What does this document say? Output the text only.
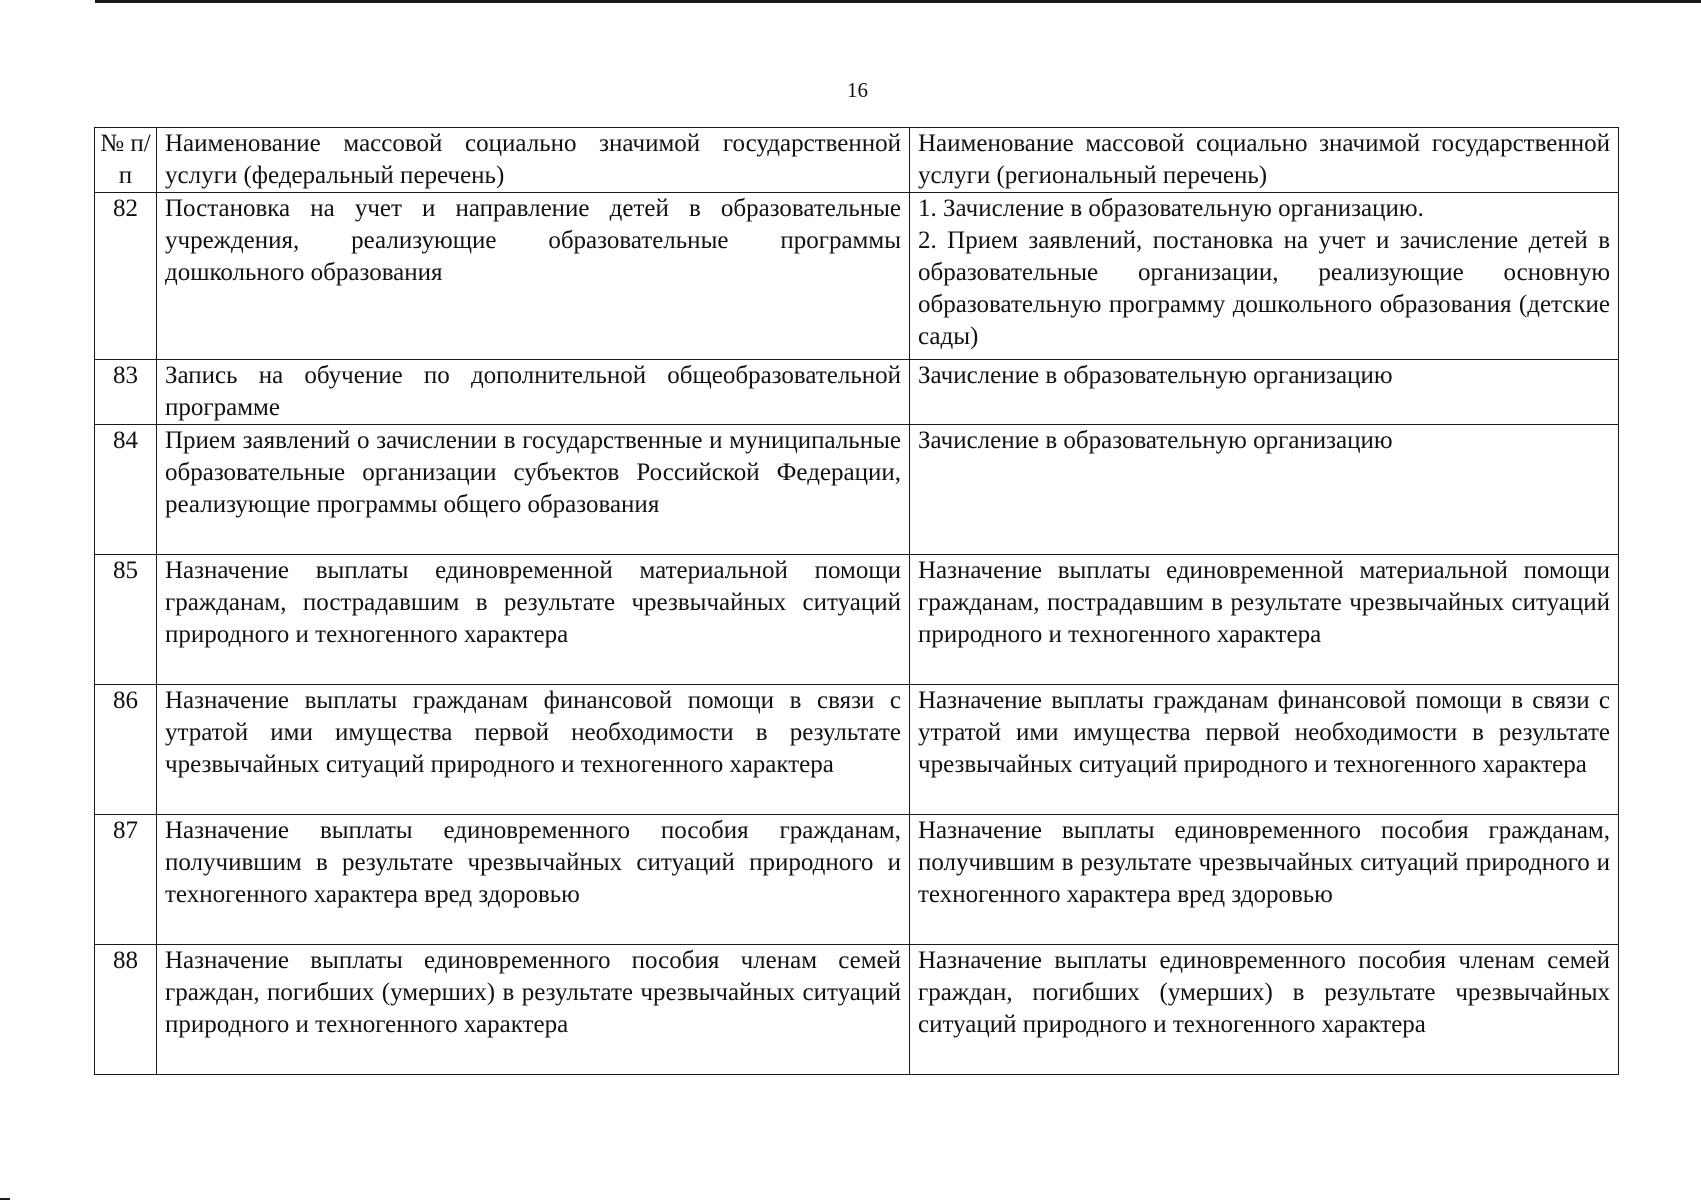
16
№ п/п	Наименование массовой социально значимой государственной услуги (федеральный перечень)	Наименование массовой социально значимой государственной услуги (региональный перечень)
82	Постановка на учет и направление детей в образовательные учреждения, реализующие образовательные программы дошкольного образования	1. Зачисление в образовательную организацию.
2. Прием заявлений, постановка на учет и зачисление детей в образовательные организации, реализующие основную образовательную программу дошкольного образования (детские сады)

83	Запись на обучение по дополнительной общеобразовательной программе	Зачисление в образовательную организацию
84	Прием заявлений о зачислении в государственные и муниципальные образовательные организации субъектов Российской Федерации, реализующие программы общего образования	Зачисление в образовательную организацию
85	Назначение выплаты единовременной материальной помощи гражданам, пострадавшим в результате чрезвычайных ситуаций природного и техногенного характера	Назначение выплаты единовременной материальной помощи гражданам, пострадавшим в результате чрезвычайных ситуаций природного и техногенного характера
86	Назначение выплаты гражданам финансовой помощи в связи с утратой ими имущества первой необходимости в результате чрезвычайных ситуаций природного и техногенного характера	Назначение выплаты гражданам финансовой помощи в связи с утратой ими имущества первой необходимости в результате чрезвычайных ситуаций природного и техногенного характера
87	Назначение выплаты единовременного пособия гражданам, получившим в результате чрезвычайных ситуаций природного и техногенного характера вред здоровью	Назначение выплаты единовременного пособия гражданам, получившим в результате чрезвычайных ситуаций природного и техногенного характера вред здоровью
88	Назначение выплаты единовременного пособия членам семей граждан, погибших (умерших) в результате чрезвычайных ситуаций природного и техногенного характера	Назначение выплаты единовременного пособия членам семей граждан, погибших (умерших) в результате чрезвычайных ситуаций природного и техногенного характера
